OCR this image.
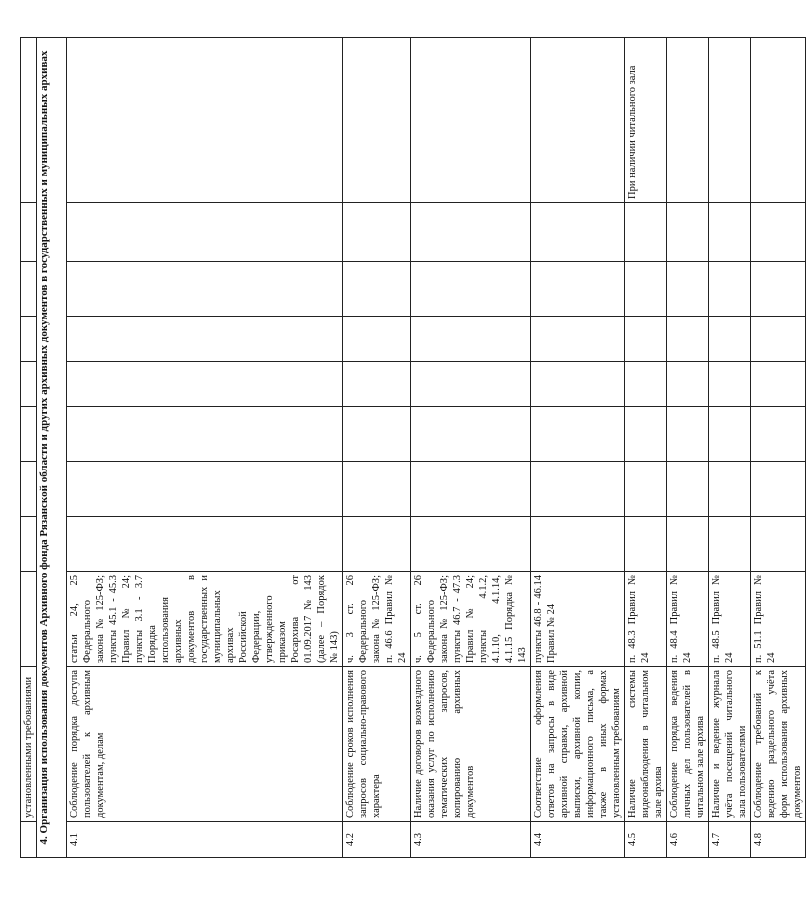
	установленными требованиями									
4. Организация использования документов Архивного фонда Рязанской области и других архивных документов в государственных и муниципальных архивах										
4.1	Соблюдение порядка доступа пользователей к архивным документам, делам	статьи 24, 25 Федерального закона № 125-ФЗ; пункты 45.1 - 45.3 Правил № 24; пункты 3.1 - 3.7 Порядка использования архивных документов в государственных и муниципальных архивах Российской Федерации, утвержденного приказом Росархива от 01.09.2017 № 143 (далее – Порядок № 143)								
4.2	Соблюдение сроков исполнения запросов социально-правового характера	ч. 3 ст. 26 Федерального закона № 125-ФЗ; п. 46.6 Правил № 24								
4.3	Наличие договоров возмездного оказания услуг по исполнению тематических запросов, копированию архивных документов	ч. 5 ст. 26 Федерального закона № 125-ФЗ; пункты 46.7 - 47.3 Правил № 24; пункты 4.1.2, 4.1.10, 4.1.14, 4.1.15 Порядка № 143								
4.4	Соответствие оформления ответов на запросы в виде архивной справки, архивной выписки, архивной копии, информационного письма, а также в иных формах установленным требованиям	пункты 46.8 - 46.14 Правил № 24								
4.5	Наличие системы видеонаблюдения в читальном зале архива	п. 48.3 Правил № 24								При наличии читального зала
4.6	Соблюдение порядка ведения личных дел пользователей в читальном зале архива	п. 48.4 Правил № 24								
4.7	Наличие и ведение журнала учёта посещений читального зала пользователями	п. 48.5 Правил № 24								
4.8	Соблюдение требований к ведению раздельного учёта форм использования архивных документов	п. 51.1 Правил № 24								
